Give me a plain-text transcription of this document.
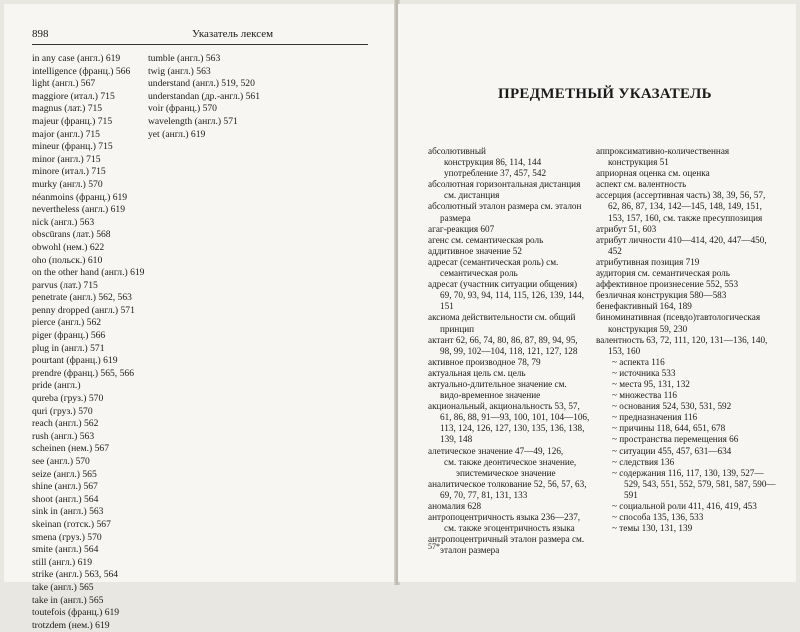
898	Указатель лексем
in any case (англ.) 619
intelligence (франц.) 566
light (англ.) 567
maggiore (итал.) 715
magnus (лат.) 715
majeur (франц.) 715
major (англ.) 715
mineur (франц.) 715
minor (англ.) 715
minore (итал.) 715
murky (англ.) 570
néanmoins (франц.) 619
nevertheless (англ.) 619
nick (англ.) 563
obscūrans (лат.) 568
obwohl (нем.) 622
oho (польск.) 610
on the other hand (англ.) 619
parvus (лат.) 715
penetrate (англ.) 562, 563
penny dropped (англ.) 571
pierce (англ.) 562
piger (франц.) 566
plug in (англ.) 571
pourtant (франц.) 619
prendre (франц.) 565, 566
pride (англ.)
qureba (груз.) 570
quri (груз.) 570
reach (англ.) 562
rush (англ.) 563
scheinen (нем.) 567
see (англ.) 570
seize (англ.) 565
shine (англ.) 567
shoot (англ.) 564
sink in (англ.) 563
skeinan (готск.) 567
smena (груз.) 570
smite (англ.) 564
still (англ.) 619
strike (англ.) 563, 564
take (англ.) 565
take in (англ.) 565
toutefois (франц.) 619
trotzdem (нем.) 619
tumble (англ.) 563
twig (англ.) 563
understand (англ.) 519, 520
understandan (др.-англ.) 561
voir (франц.) 570
wavelength (англ.) 571
yet (англ.) 619
ПРЕДМЕТНЫЙ УКАЗАТЕЛЬ
абсолютивный
конструкция 86, 114, 144
употребление 37, 457, 542
абсолютная горизонтальная дистанция
см. дистанция
абсолютный эталон размера см. эталон размера
агаг-реакция 607
агенс см. семантическая роль
аддитивное значение 52
адресат (семантическая роль) см. семантическая роль
адресат (участник ситуации общения) 69, 70, 93, 94, 114, 115, 126, 139, 144, 151
аксиома действительности см. общий принцип
актант 62, 66, 74, 80, 86, 87, 89, 94, 95, 98, 99, 102—104, 118, 121, 127, 128
активное производное 78, 79
актуальная цель см. цель
актуально-длительное значение см. видо-временное значение
акциональный, акциональность 53, 57, 61, 86, 88, 91—93, 100, 101, 104—106, 113, 124, 126, 127, 130, 135, 136, 138, 139, 148
алетическое значение 47—49, 126,
см. также деонтическое значение, эпистемическое значение
аналитическое толкование 52, 56, 57, 63, 69, 70, 77, 81, 131, 133
аномалия 628
антропоцентричность языка 236—237,
см. также эгоцентричность языка
антропоцентричный эталон размера см. эталон размера
аппроксимативно-количественная конструкция 51
априорная оценка см. оценка
аспект см. валентность
ассерция (ассертивная часть) 38, 39, 56, 57, 62, 86, 87, 134, 142—145, 148, 149, 151, 153, 157, 160, см. также пресуппозиция
атрибут 51, 603
атрибут личности 410—414, 420, 447—450, 452
атрибутивная позиция 719
аудитория см. семантическая роль
аффективное произнесение 552, 553
безличная конструкция 580—583
бенефактивный 164, 189
биноминативная (псевдо)тавтологическая конструкция 59, 230
валентность 63, 72, 111, 120, 131—136, 140, 153, 160
~ аспекта 116
~ источника 533
~ места 95, 131, 132
~ множества 116
~ основания 524, 530, 531, 592
~ предназначения 116
~ причины 118, 644, 651, 678
~ пространства перемещения 66
~ ситуации 455, 457, 631—634
~ следствия 136
~ содержания 116, 117, 130, 139, 527—529, 543, 551, 552, 579, 581, 587, 590—591
~ социальной роли 411, 416, 419, 453
~ способа 135, 136, 533
~ темы 130, 131, 139
57*
